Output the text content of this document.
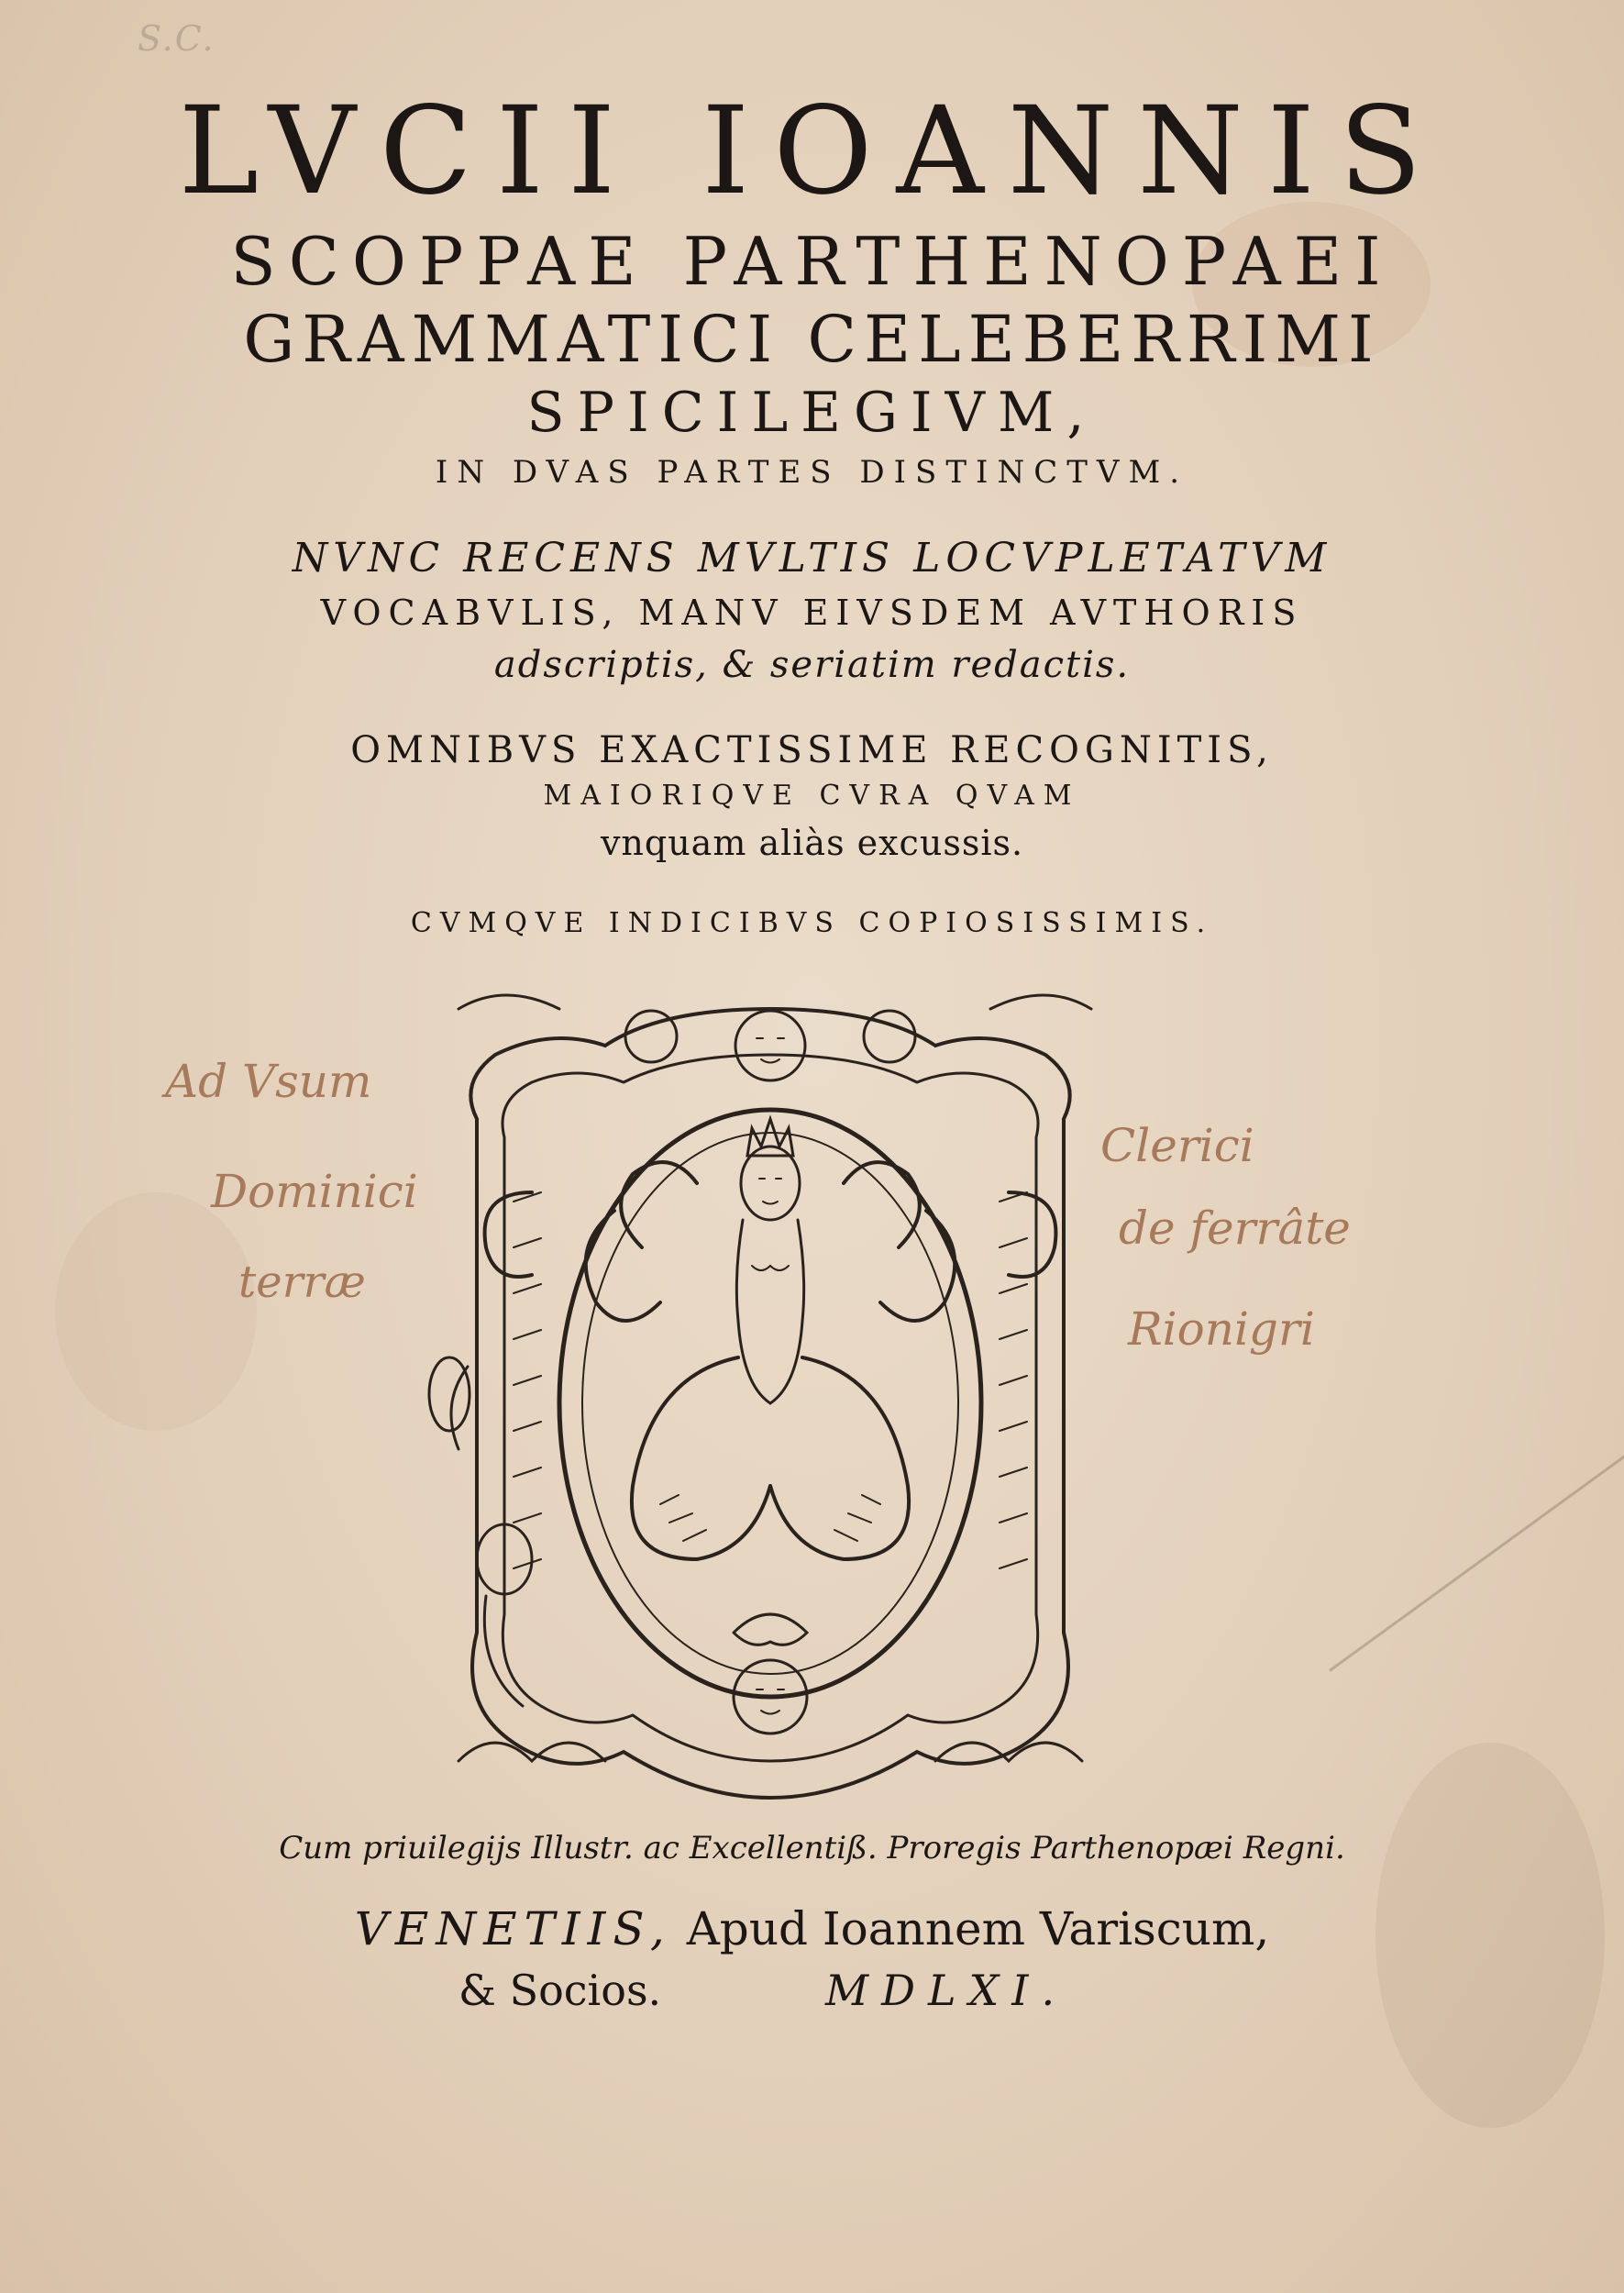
S.C.
LVCII IOANNIS
SCOPPAE PARTHENOPAEI
GRAMMATICI CELEBERRIMI
SPICILEGIVM,
IN DVAS PARTES DISTINCTVM.
NVNC RECENS MVLTIS LOCVPLETATVM
VOCABVLIS, MANV EIVSDEM AVTHORIS
adscriptis, & seriatim redactis.
OMNIBVS EXACTISSIME RECOGNITIS,
MAIORIQVE CVRA QVAM
vnquam aliàs excussis.
CVMQVE INDICIBVS COPIOSISSIMIS.
Cum priuilegijs Illustr. ac Excellentiß. Proregis Parthenopæi Regni.
VENETIIS, Apud Ioannem Variscum,
& Socios.	MDLXI.
Ad Vsum
Dominici
terræ
Clerici
de ferrâte
Rionigri
